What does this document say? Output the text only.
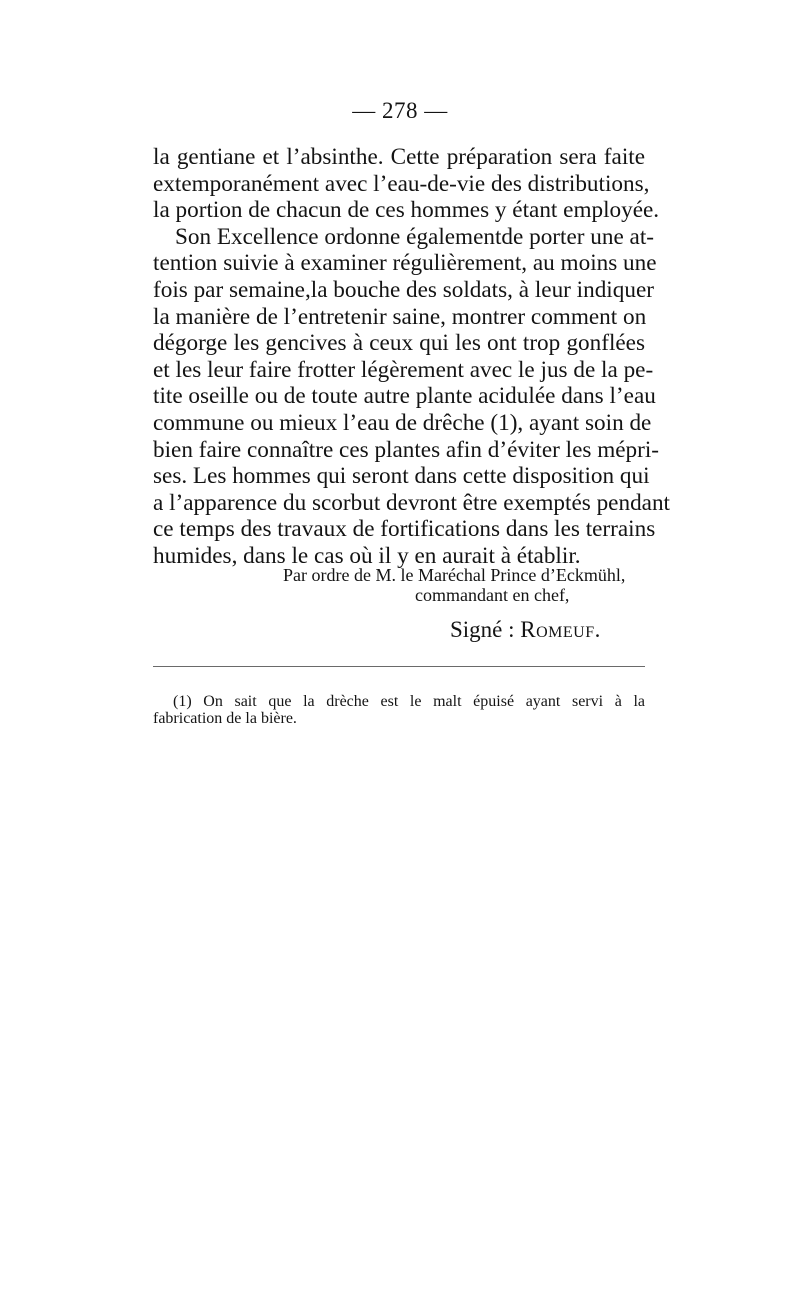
— 278 —
la gentiane et l’absinthe. Cette préparation sera faite
extemporanément avec l’eau-de-vie des distributions,
la portion de chacun de ces hommes y étant employée.
Son Excellence ordonne égalementde porter une at-
tention suivie à examiner régulièrement, au moins une
fois par semaine,la bouche des soldats, à leur indiquer
la manière de l’entretenir saine, montrer comment on
dégorge les gencives à ceux qui les ont trop gonflées
et les leur faire frotter légèrement avec le jus de la pe-
tite oseille ou de toute autre plante acidulée dans l’eau
commune ou mieux l’eau de drêche (1), ayant soin de
bien faire connaître ces plantes afin d’éviter les mépri-
ses. Les hommes qui seront dans cette disposition qui
a l’apparence du scorbut devront être exemptés pendant
ce temps des travaux de fortifications dans les terrains
humides, dans le cas où il y en aurait à établir.
Par ordre de M. le Maréchal Prince d’Eckmühl,
commandant en chef,
Signé : Romeuf.
(1) On sait que la drèche est le malt épuisé ayant servi à la
fabrication de la bière.
